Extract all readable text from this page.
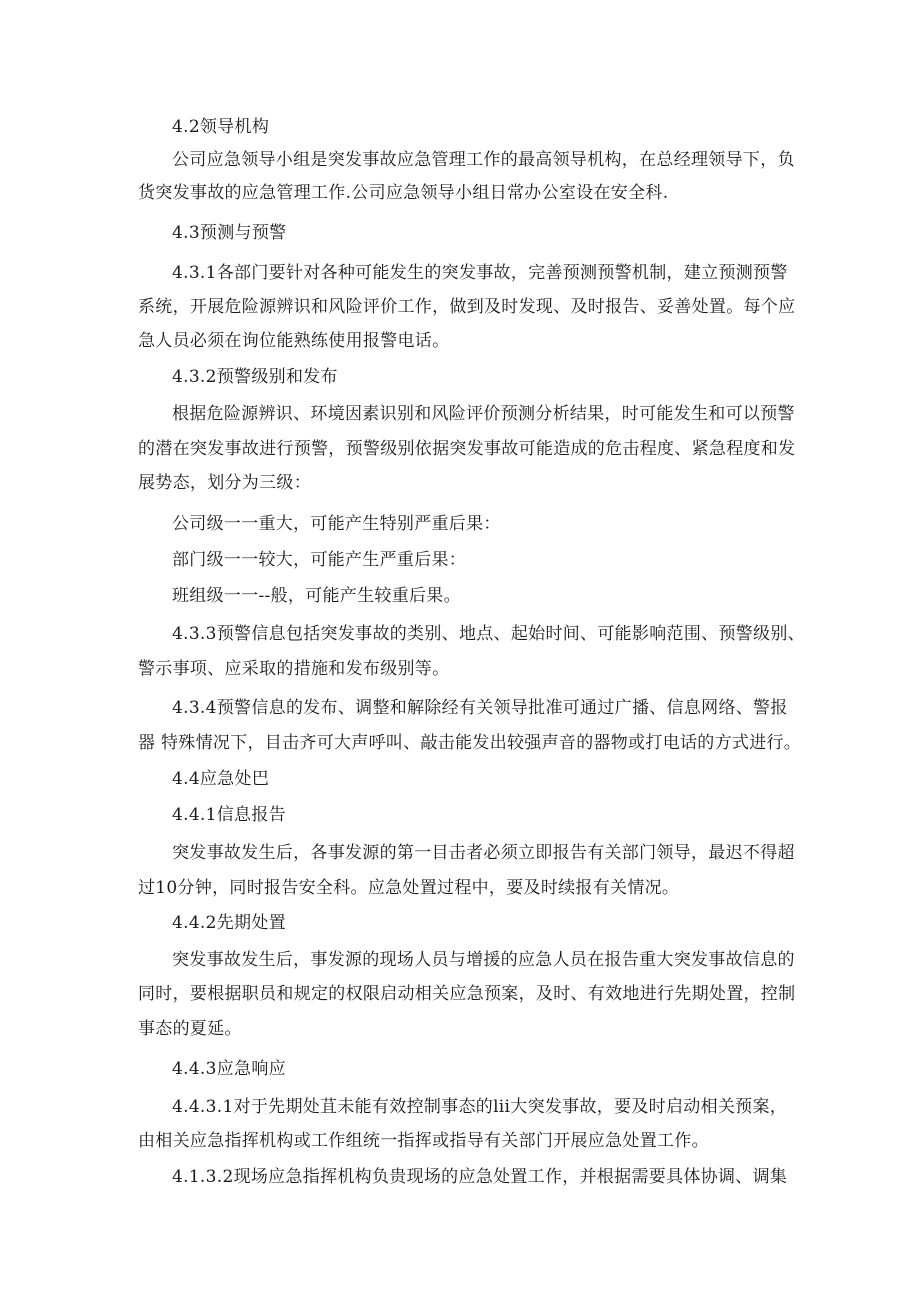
4.2领导机构
公司应急领导小组是突发事故应急管理工作的最高领导机构，在总经理领导下，负
货突发事故的应急管理工作.公司应急领导小组日常办公室设在安全科.
4.3预测与预警
4.3.1各部门要针对各种可能发生的突发事故，完善预测预警机制，建立预测预警
系统，开展危险源辨识和风险评价工作，做到及时发现、及时报告、妥善处置。每个应
急人员必须在询位能熟练使用报警电话。
4.3.2预警级别和发布
根据危险源辨识、环境因素识别和风险评价预测分析结果，时可能发生和可以预警
的潜在突发事故进行预警，预警级别依据突发事故可能造成的危击程度、紧急程度和发
展势态，划分为三级：
公司级一一重大，可能产生特别严重后果：
部门级一一较大，可能产生严重后果：
班组级一一--般，可能产生较重后果。
4.3.3预警信息包括突发事故的类别、地点、起始时间、可能影响范围、预警级别、
警示事项、应采取的措施和发布级别等。
4.3.4预警信息的发布、调整和解除经有关领导批准可通过广播、信息网络、警报
器 特殊情况下，目击齐可大声呼叫、敲击能发出较强声音的器物或打电话的方式进行。
4.4应急处巴
4.4.1信息报告
突发事故发生后，各事发源的第一目击者必须立即报告有关部门领导，最迟不得超
过10分钟，同时报告安全科。应急处置过程中，要及时续报有关情况。
4.4.2先期处置
突发事故发生后，事发源的现场人员与增援的应急人员在报告重大突发事故信息的
同时，要根据职员和规定的权限启动相关应急预案，及时、有效地进行先期处置，控制
事态的夏延。
4.4.3应急响应
4.4.3.1对于先期处苴未能有效控制事态的lii大突发事故，要及时启动相关预案，
由相关应急指挥机构或工作组统一指挥或指导有关部门开展应急处置工作。
4.1.3.2现场应急指挥机构负贵现场的应急处置工作，并根据需要具体协调、调集
